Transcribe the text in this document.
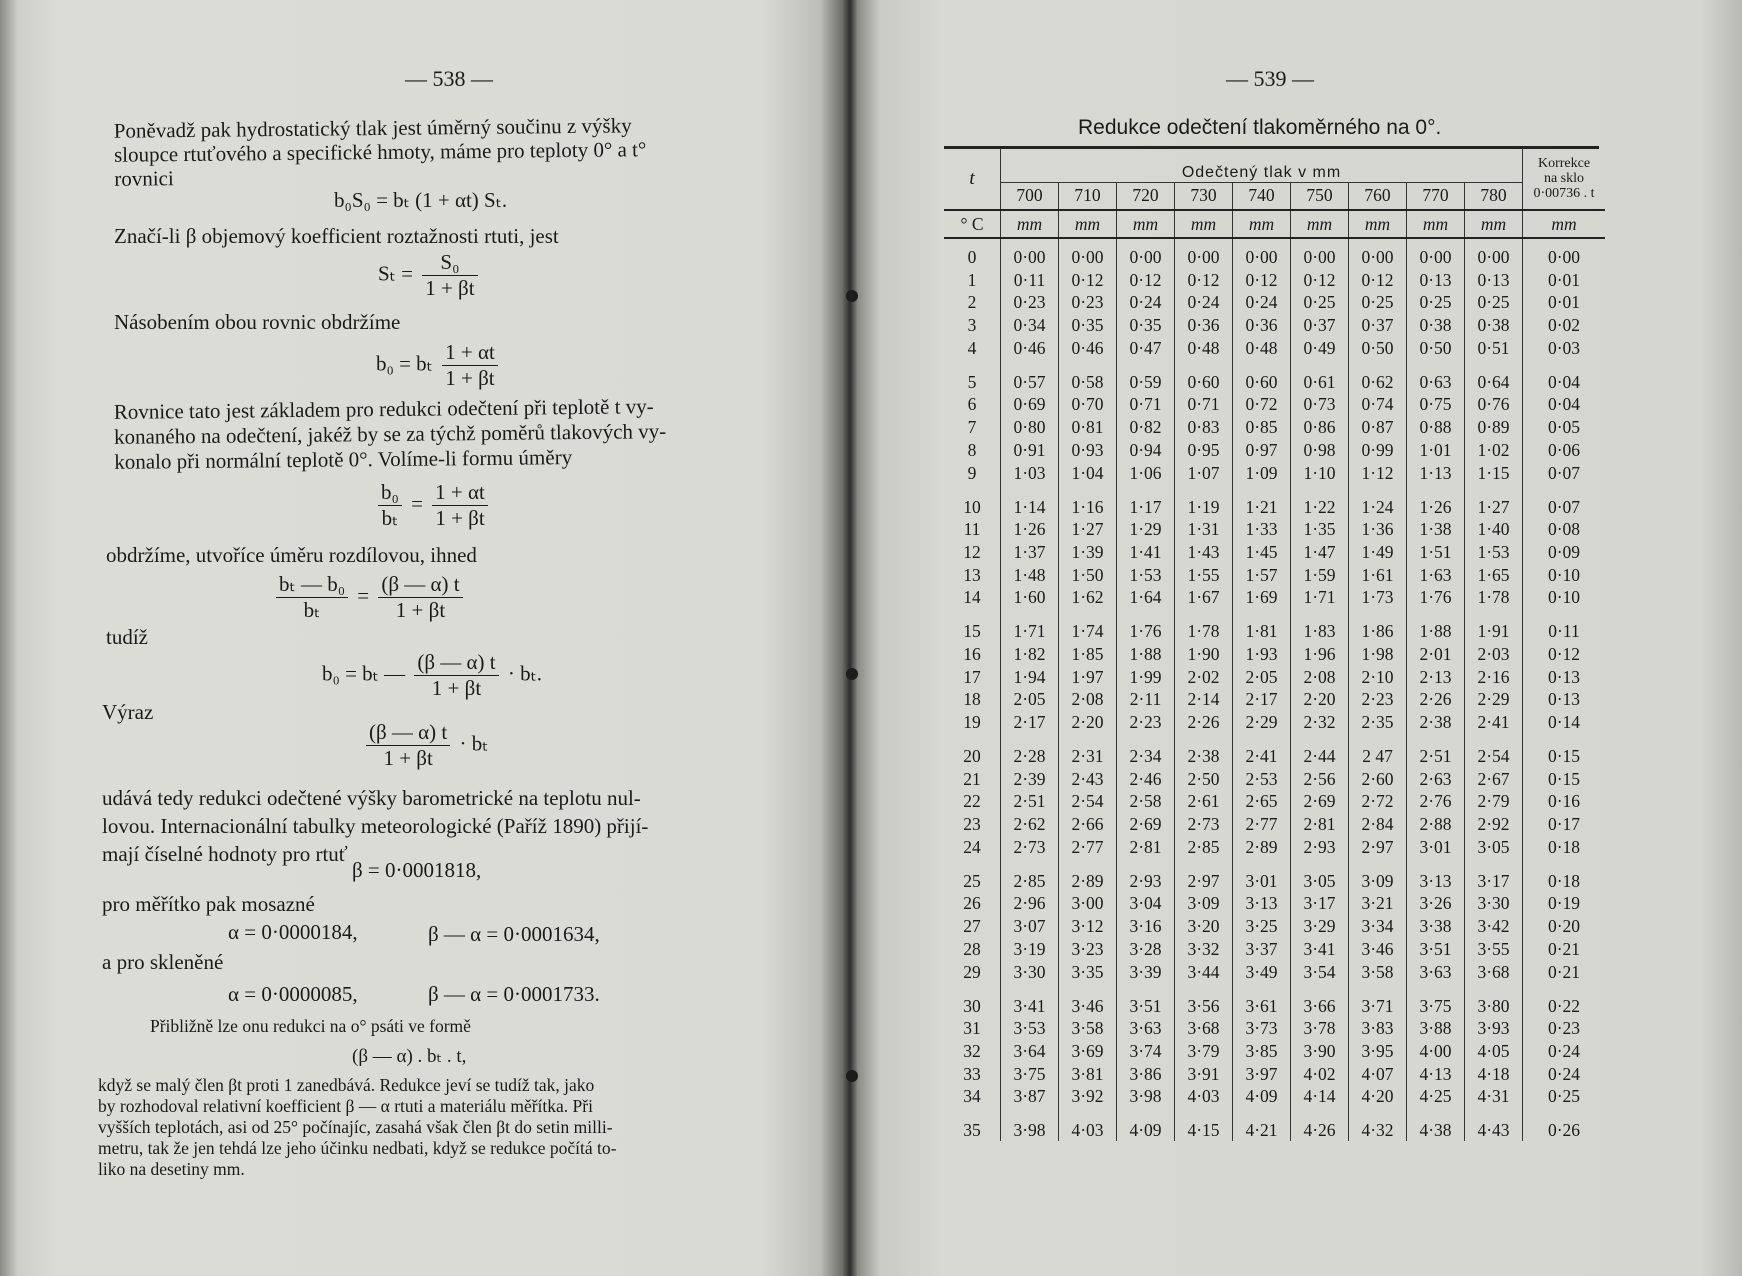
— 538 —
Poněvadž pak hydrostatický tlak jest úměrný součinu z výšky
sloupce rtuťového a specifické hmoty, máme pro teploty 0° a t°
rovnici
b₀S₀ = bₜ (1 + αt) Sₜ.
Značí-li β objemový koefficient roztažnosti rtuti, jest
$S_t = \frac{\text{S₀}}{1 + \beta t}$
Násobením obou rovnic obdržíme
b₀ = bₜ $\frac{1 + \alpha t}{1 + \beta t}$
Rovnice tato jest základem pro redukci odečtení při teplotě t vy-
konaného na odečtení, jakéž by se za týchž poměrů tlakových vy-
konalo při normální teplotě 0°. Volíme-li formu úměry
$\frac{\text{b₀}}{\text{bₜ}} = \frac{1 + \alpha t}{1 + \beta t}$
obdržíme, utvoříce úměru rozdílovou, ihned
$\frac{\text{bₜ — b₀}}{\text{bₜ}} = \frac{(\beta — \alpha) t}{1 + \beta t}$
tudíž
b₀ = bₜ — $\frac{(\beta — \alpha) t}{1 + \beta t} \cdot b_t$.
Výraz
$\frac{(\beta — \alpha) t}{1 + \beta t} \cdot b_t$
udává tedy redukci odečtené výšky barometrické na teplotu nul-
lovou. Internacionální tabulky meteorologické (Paříž 1890) přijí-
mají číselné hodnoty pro rtuť
β = 0·0001818,
pro měřítko pak mosazné
α = 0·0000184,	β — α = 0·0001634,
a pro skleněné
α = 0·0000085,	β — α = 0·0001733.
Přibližně lze onu redukci na o° psáti ve formě
(β — α) . bₜ . t,
když se malý člen βt proti 1 zanedbává. Redukce jeví se tudíž tak, jako
by rozhodoval relativní koefficient β — α rtuti a materiálu měřítka. Při
vyšších teplotách, asi od 25° počínajíc, zasahá však člen βt do setin milli-
metru, tak že jen tehdá lze jeho účinku nedbati, když se redukce počítá to-
liko na desetiny mm.
— 539 —
Redukce odečtení tlakoměrného na 0°.
t	Odečtený tlak v mm									Korrekce
na sklo
0·00736 . t

	700	710	720	730	740	750	760	770	780	
° C	mm	mm	mm	mm	mm	mm	mm	mm	mm	mm
0	0·00	0·00	0·00	0·00	0·00	0·00	0·00	0·00	0·00	0·00
1	0·11	0·12	0·12	0·12	0·12	0·12	0·12	0·13	0·13	0·01
2	0·23	0·23	0·24	0·24	0·24	0·25	0·25	0·25	0·25	0·01
3	0·34	0·35	0·35	0·36	0·36	0·37	0·37	0·38	0·38	0·02
4	0·46	0·46	0·47	0·48	0·48	0·49	0·50	0·50	0·51	0·03
5	0·57	0·58	0·59	0·60	0·60	0·61	0·62	0·63	0·64	0·04
6	0·69	0·70	0·71	0·71	0·72	0·73	0·74	0·75	0·76	0·04
7	0·80	0·81	0·82	0·83	0·85	0·86	0·87	0·88	0·89	0·05
8	0·91	0·93	0·94	0·95	0·97	0·98	0·99	1·01	1·02	0·06
9	1·03	1·04	1·06	1·07	1·09	1·10	1·12	1·13	1·15	0·07
10	1·14	1·16	1·17	1·19	1·21	1·22	1·24	1·26	1·27	0·07
11	1·26	1·27	1·29	1·31	1·33	1·35	1·36	1·38	1·40	0·08
12	1·37	1·39	1·41	1·43	1·45	1·47	1·49	1·51	1·53	0·09
13	1·48	1·50	1·53	1·55	1·57	1·59	1·61	1·63	1·65	0·10
14	1·60	1·62	1·64	1·67	1·69	1·71	1·73	1·76	1·78	0·10
15	1·71	1·74	1·76	1·78	1·81	1·83	1·86	1·88	1·91	0·11
16	1·82	1·85	1·88	1·90	1·93	1·96	1·98	2·01	2·03	0·12
17	1·94	1·97	1·99	2·02	2·05	2·08	2·10	2·13	2·16	0·13
18	2·05	2·08	2·11	2·14	2·17	2·20	2·23	2·26	2·29	0·13
19	2·17	2·20	2·23	2·26	2·29	2·32	2·35	2·38	2·41	0·14
20	2·28	2·31	2·34	2·38	2·41	2·44	2 47	2·51	2·54	0·15
21	2·39	2·43	2·46	2·50	2·53	2·56	2·60	2·63	2·67	0·15
22	2·51	2·54	2·58	2·61	2·65	2·69	2·72	2·76	2·79	0·16
23	2·62	2·66	2·69	2·73	2·77	2·81	2·84	2·88	2·92	0·17
24	2·73	2·77	2·81	2·85	2·89	2·93	2·97	3·01	3·05	0·18
25	2·85	2·89	2·93	2·97	3·01	3·05	3·09	3·13	3·17	0·18
26	2·96	3·00	3·04	3·09	3·13	3·17	3·21	3·26	3·30	0·19
27	3·07	3·12	3·16	3·20	3·25	3·29	3·34	3·38	3·42	0·20
28	3·19	3·23	3·28	3·32	3·37	3·41	3·46	3·51	3·55	0·21
29	3·30	3·35	3·39	3·44	3·49	3·54	3·58	3·63	3·68	0·21
30	3·41	3·46	3·51	3·56	3·61	3·66	3·71	3·75	3·80	0·22
31	3·53	3·58	3·63	3·68	3·73	3·78	3·83	3·88	3·93	0·23
32	3·64	3·69	3·74	3·79	3·85	3·90	3·95	4·00	4·05	0·24
33	3·75	3·81	3·86	3·91	3·97	4·02	4·07	4·13	4·18	0·24
34	3·87	3·92	3·98	4·03	4·09	4·14	4·20	4·25	4·31	0·25
35	3·98	4·03	4·09	4·15	4·21	4·26	4·32	4·38	4·43	0·26
